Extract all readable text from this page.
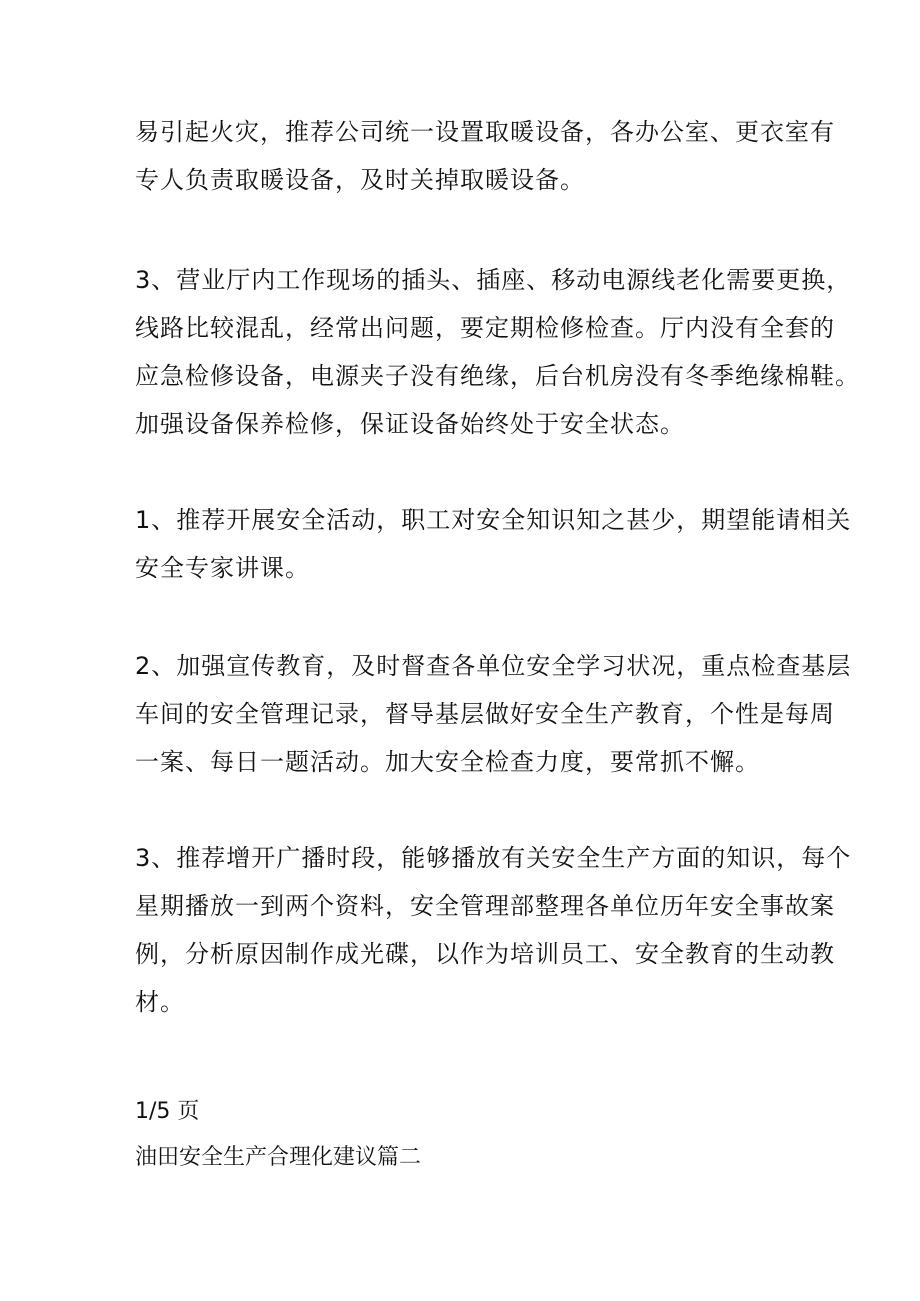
易引起火灾，推荐公司统一设置取暖设备，各办公室、更衣室有
专人负责取暖设备，及时关掉取暖设备。

3、营业厅内工作现场的插头、插座、移动电源线老化需要更换，
线路比较混乱，经常出问题，要定期检修检查。厅内没有全套的
应急检修设备，电源夹子没有绝缘，后台机房没有冬季绝缘棉鞋。
加强设备保养检修，保证设备始终处于安全状态。

1、推荐开展安全活动，职工对安全知识知之甚少，期望能请相关
安全专家讲课。

2、加强宣传教育，及时督查各单位安全学习状况，重点检查基层
车间的安全管理记录，督导基层做好安全生产教育，个性是每周
一案、每日一题活动。加大安全检查力度，要常抓不懈。

3、推荐增开广播时段，能够播放有关安全生产方面的知识，每个
星期播放一到两个资料，安全管理部整理各单位历年安全事故案
例，分析原因制作成光碟，以作为培训员工、安全教育的生动教
材。

1/5 页
油田安全生产合理化建议篇二
